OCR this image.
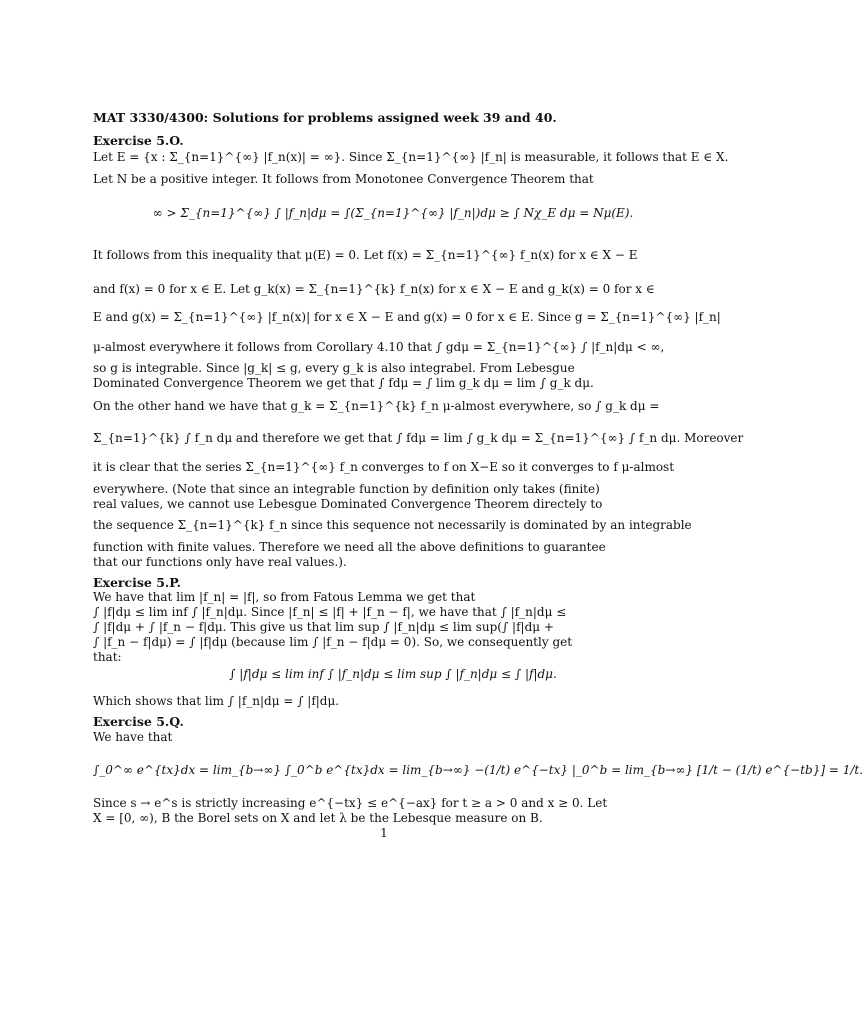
MAT 3330/4300: Solutions for problems assigned week 39 and 40.
Exercise 5.O.
Let E = {x : Σ_{n=1}^{∞} |f_n(x)| = ∞}. Since Σ_{n=1}^{∞} |f_n| is measurable, it follows that E ∈ X.
Let N be a positive integer. It follows from Monotonee Convergence Theorem that
∞ > Σ_{n=1}^{∞} ∫ |f_n|dμ = ∫(Σ_{n=1}^{∞} |f_n|)dμ ≥ ∫ Nχ_E dμ = Nμ(E).
It follows from this inequality that μ(E) = 0. Let f(x) = Σ_{n=1}^{∞} f_n(x) for x ∈ X − E
and f(x) = 0 for x ∈ E. Let g_k(x) = Σ_{n=1}^{k} f_n(x) for x ∈ X − E and g_k(x) = 0 for x ∈
E and g(x) = Σ_{n=1}^{∞} |f_n(x)| for x ∈ X − E and g(x) = 0 for x ∈ E. Since g = Σ_{n=1}^{∞} |f_n|
μ-almost everywhere it follows from Corollary 4.10 that ∫ gdμ = Σ_{n=1}^{∞} ∫ |f_n|dμ < ∞,
so g is integrable. Since |g_k| ≤ g, every g_k is also integrabel. From Lebesgue
Dominated Convergence Theorem we get that ∫ fdμ = ∫ lim g_k dμ = lim ∫ g_k dμ.
On the other hand we have that g_k = Σ_{n=1}^{k} f_n μ-almost everywhere, so ∫ g_k dμ =
Σ_{n=1}^{k} ∫ f_n dμ and therefore we get that ∫ fdμ = lim ∫ g_k dμ = Σ_{n=1}^{∞} ∫ f_n dμ. Moreover
it is clear that the series Σ_{n=1}^{∞} f_n converges to f on X−E so it converges to f μ-almost
everywhere. (Note that since an integrable function by definition only takes (finite)
real values, we cannot use Lebesgue Dominated Convergence Theorem directely to
the sequence Σ_{n=1}^{k} f_n since this sequence not necessarily is dominated by an integrable
function with finite values. Therefore we need all the above definitions to guarantee
that our functions only have real values.).
Exercise 5.P.
We have that lim |f_n| = |f|, so from Fatous Lemma we get that
∫ |f|dμ ≤ lim inf ∫ |f_n|dμ. Since |f_n| ≤ |f| + |f_n − f|, we have that ∫ |f_n|dμ ≤
∫ |f|dμ + ∫ |f_n − f|dμ. This give us that lim sup ∫ |f_n|dμ ≤ lim sup(∫ |f|dμ +
∫ |f_n − f|dμ) = ∫ |f|dμ (because lim ∫ |f_n − f|dμ = 0). So, we consequently get
that:
∫ |f|dμ ≤ lim inf ∫ |f_n|dμ ≤ lim sup ∫ |f_n|dμ ≤ ∫ |f|dμ.
Which shows that lim ∫ |f_n|dμ = ∫ |f|dμ.
Exercise 5.Q.
We have that
∫_0^∞ e^{tx}dx = lim_{b→∞} ∫_0^b e^{tx}dx = lim_{b→∞} −(1/t) e^{−tx} |_0^b = lim_{b→∞} [1/t − (1/t) e^{−tb}] = 1/t.
Since s → e^s is strictly increasing e^{−tx} ≤ e^{−ax} for t ≥ a > 0 and x ≥ 0. Let
X = [0, ∞), B the Borel sets on X and let λ be the Lebesque measure on B.
1
